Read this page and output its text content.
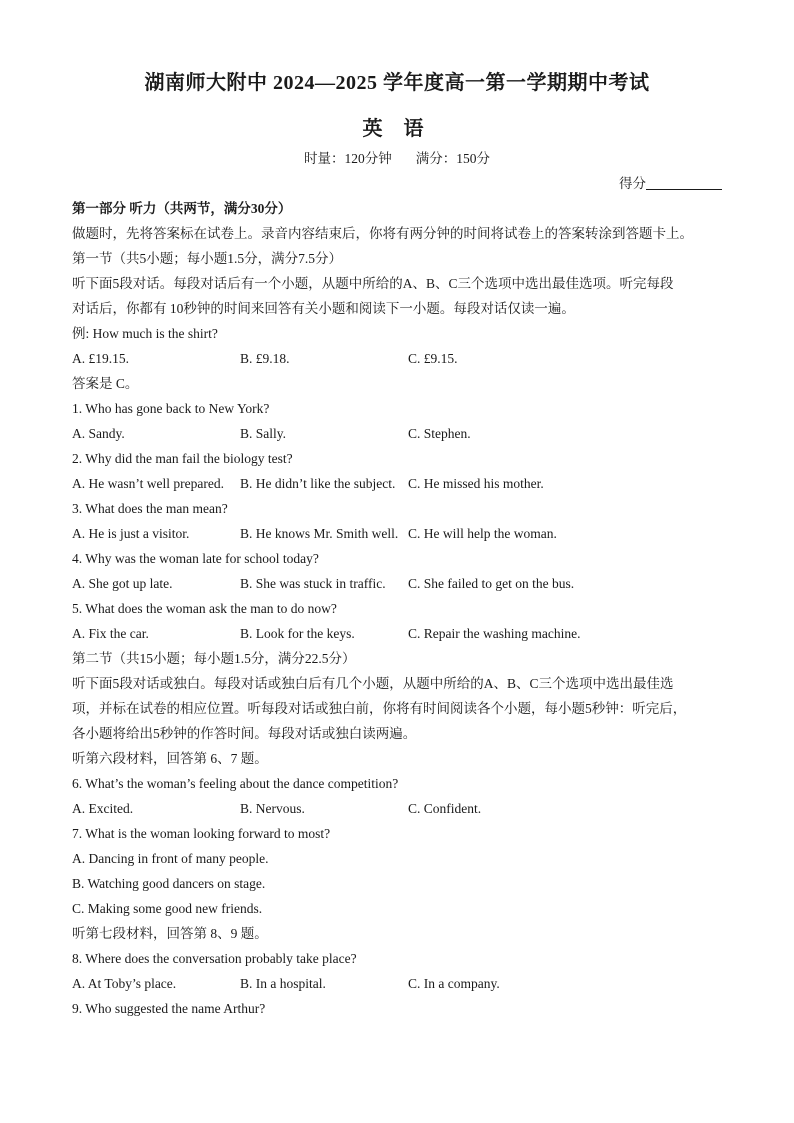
湖南师大附中 2024—2025 学年度高一第一学期期中考试
英 语
时量：120分钟 满分：150分
得分
第一部分 听力（共两节，满分30分）
做题时，先将答案标在试卷上。录音内容结束后，你将有两分钟的时间将试卷上的答案转涂到答题卡上。
第一节（共5小题；每小题1.5分，满分7.5分）
听下面5段对话。每段对话后有一个小题，从题中所给的A、B、C三个选项中选出最佳选项。听完每段
对话后，你都有 10秒钟的时间来回答有关小题和阅读下一小题。每段对话仅读一遍。
例: How much is the shirt?
A. £19.15.	B. £9.18.	C. £9.15.
答案是 C。
1. Who has gone back to New York?
A. Sandy.	B. Sally.	C. Stephen.
2. Why did the man fail the biology test?
A. He wasn’t well prepared. B. He didn’t like the subject. C. He missed his mother.
3. What does the man mean?
A. He is just a visitor.	B. He knows Mr. Smith well. C. He will help the woman.
4. Why was the woman late for school today?
A. She got up late.	B. She was stuck in traffic. C. She failed to get on the bus.
5. What does the woman ask the man to do now?
A. Fix the car.	B. Look for the keys.	C. Repair the washing machine.
第二节（共15小题；每小题1.5分，满分22.5分）
听下面5段对话或独白。每段对话或独白后有几个小题，从题中所给的A、B、C三个选项中选出最佳选
项，并标在试卷的相应位置。听每段对话或独白前，你将有时间阅读各个小题，每小题5秒钟：听完后，
各小题将给出5秒钟的作答时间。每段对话或独白读两遍。
听第六段材料，回答第 6、7 题。
6. What’s the woman’s feeling about the dance competition?
A. Excited.	B. Nervous.	C. Confident.
7. What is the woman looking forward to most?
A. Dancing in front of many people.
B. Watching good dancers on stage.
C. Making some good new friends.
听第七段材料，回答第 8、9 题。
8. Where does the conversation probably take place?
A. At Toby’s place.	B. In a hospital.	C. In a company.
9. Who suggested the name Arthur?
